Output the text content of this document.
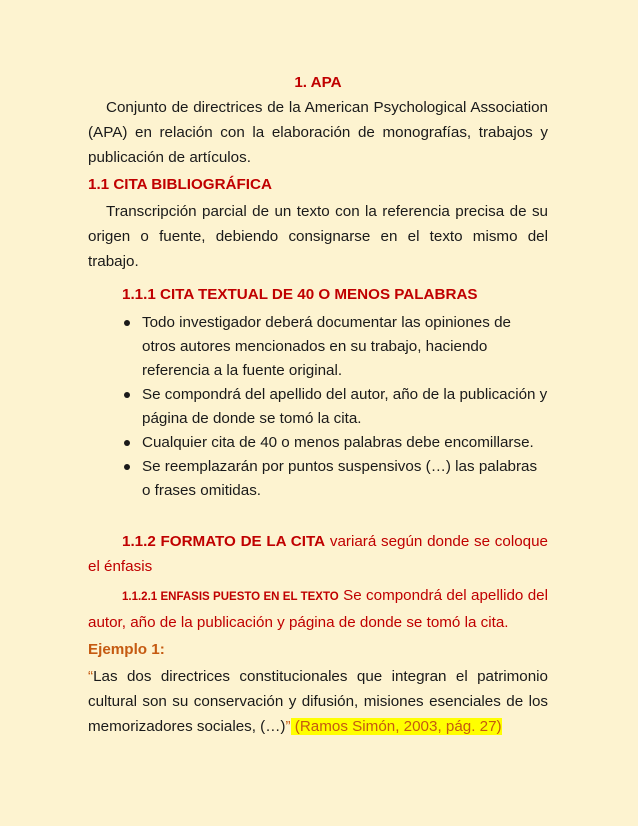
1. APA

Conjunto de directrices de la American Psychological Association (APA) en relación con la elaboración de monografías, trabajos y publicación de artículos.

1.1 CITA BIBLIOGRÁFICA

Transcripción parcial de un texto con la referencia precisa de su origen o fuente, debiendo consignarse en el texto mismo del trabajo.

1.1.1 CITA TEXTUAL DE 40 O MENOS PALABRAS

Todo investigador deberá documentar las opiniones de otros autores mencionados en su trabajo, haciendo referencia a la fuente original.
Se compondrá del apellido del autor, año de la publicación y página de donde se tomó la cita.
Cualquier cita de 40 o menos palabras debe encomillarse.
Se reemplazarán por puntos suspensivos (…) las palabras o frases omitidas.

1.1.2 FORMATO DE LA CITA variará según donde se coloque el énfasis

1.1.2.1 ENFASIS PUESTO EN EL TEXTO Se compondrá del apellido del autor, año de la publicación y página de donde se tomó la cita.

Ejemplo 1:

“Las dos directrices constitucionales que integran el patrimonio cultural son su conservación y difusión, misiones esenciales de los memorizadores sociales, (…)” (Ramos Simón, 2003, pág. 27)
